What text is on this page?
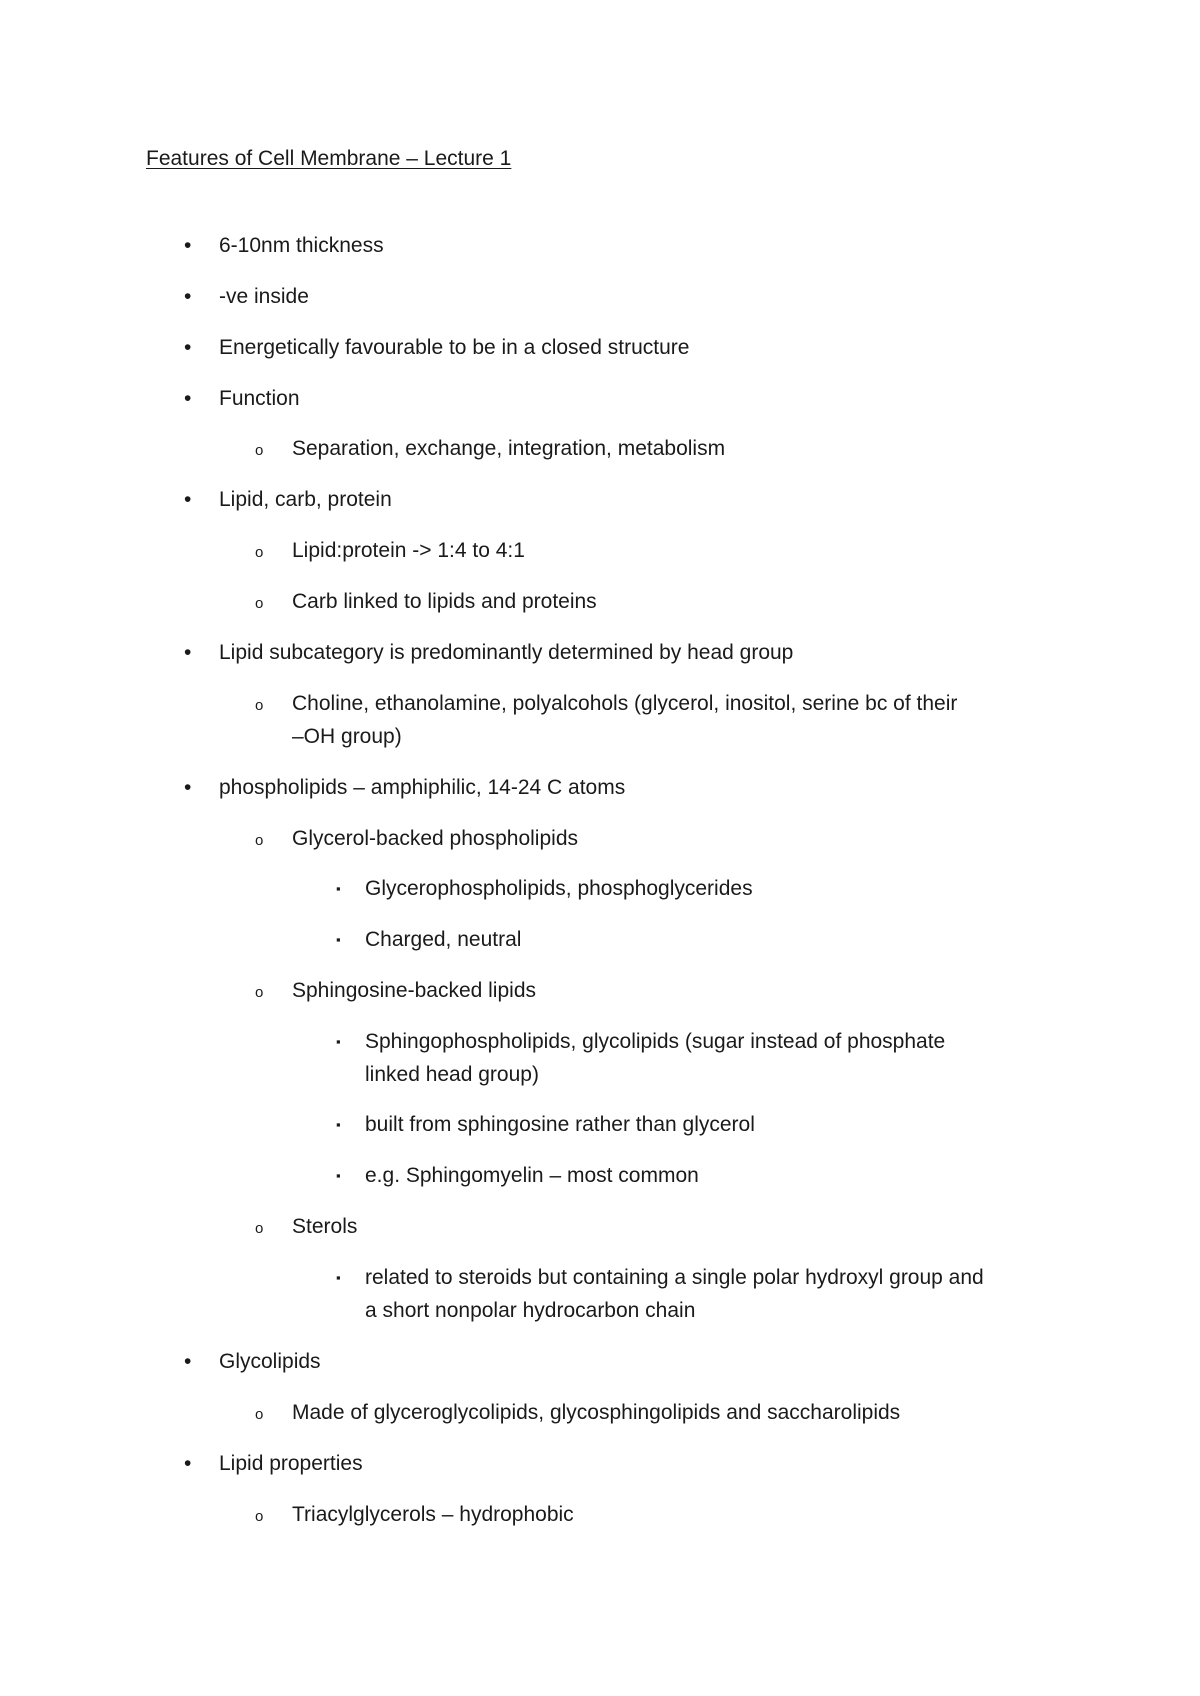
Features of Cell Membrane – Lecture 1
• 6-10nm thickness
• -ve inside
• Energetically favourable to be in a closed structure
• Function
o Separation, exchange, integration, metabolism
• Lipid, carb, protein
o Lipid:protein -> 1:4 to 4:1
o Carb linked to lipids and proteins
• Lipid subcategory is predominantly determined by head group
o Choline, ethanolamine, polyalcohols (glycerol, inositol, serine bc of their
–OH group)
• phospholipids – amphiphilic, 14-24 C atoms
o Glycerol-backed phospholipids
▪ Glycerophospholipids, phosphoglycerides
▪ Charged, neutral
o Sphingosine-backed lipids
▪ Sphingophospholipids, glycolipids (sugar instead of phosphate
linked head group)
▪ built from sphingosine rather than glycerol
▪ e.g. Sphingomyelin – most common
o Sterols
▪ related to steroids but containing a single polar hydroxyl group and
a short nonpolar hydrocarbon chain
• Glycolipids
o Made of glyceroglycolipids, glycosphingolipids and saccharolipids
• Lipid properties
o Triacylglycerols – hydrophobic
